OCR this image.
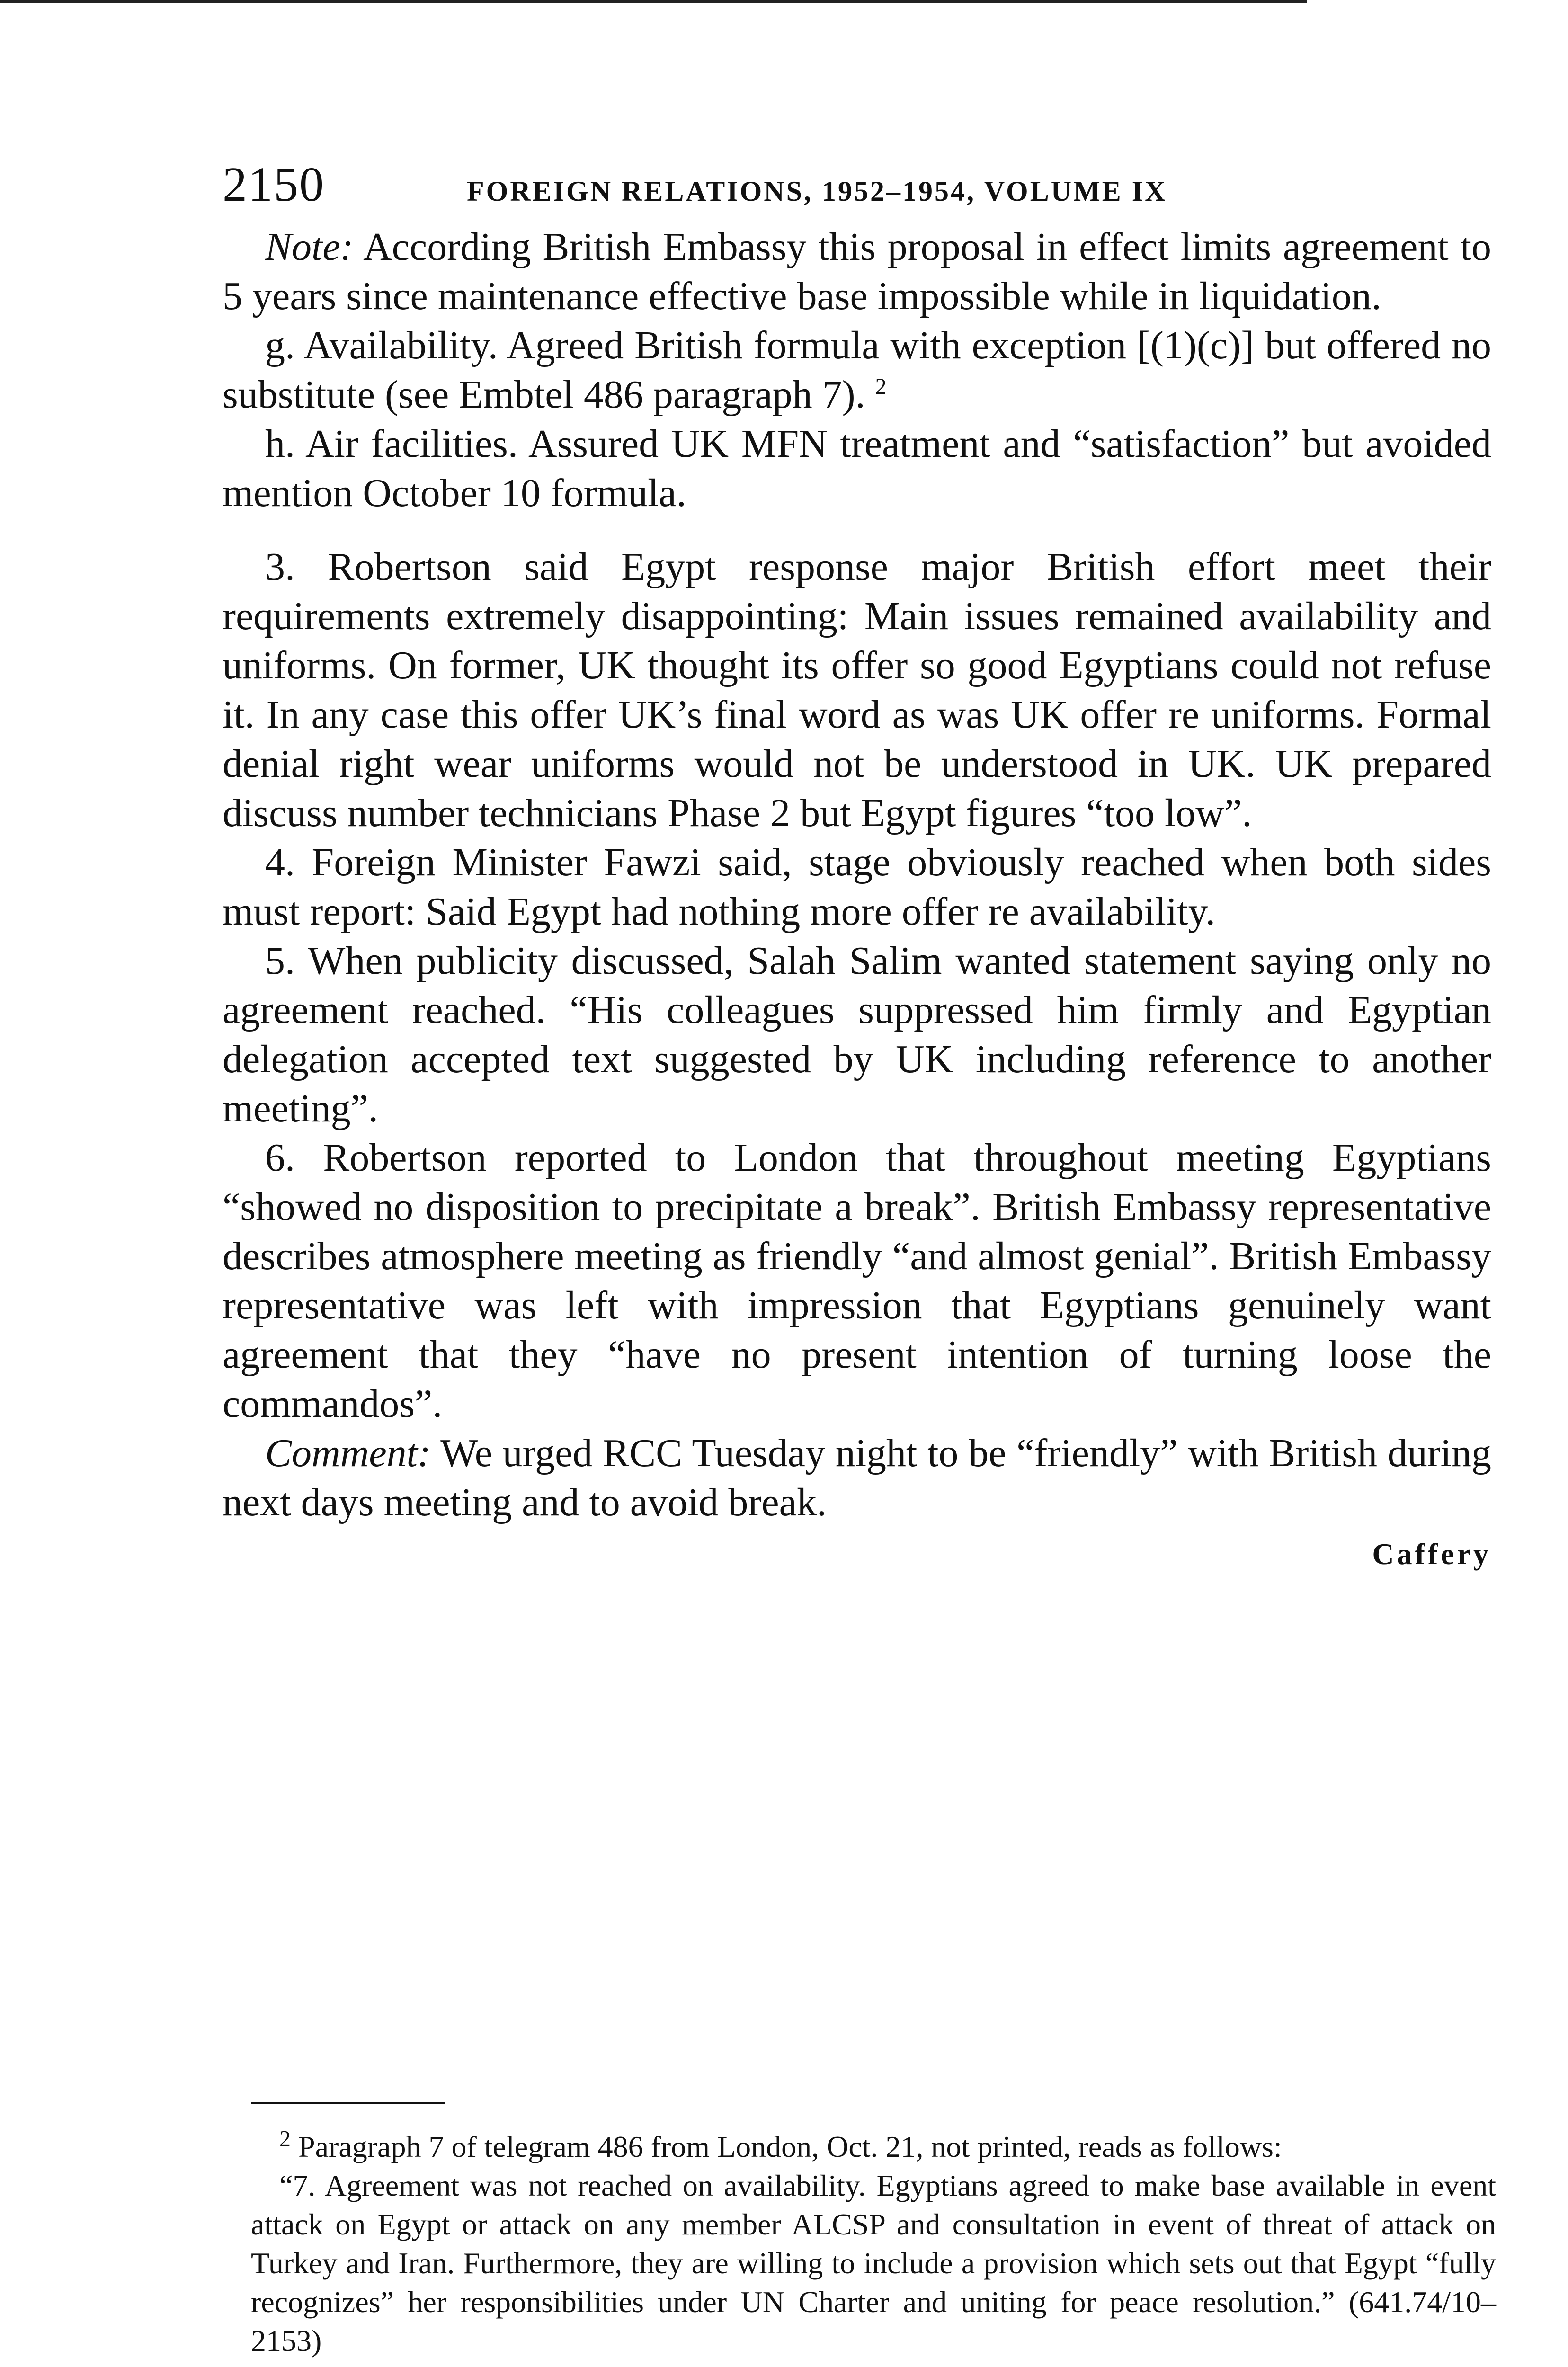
2150	FOREIGN RELATIONS, 1952–1954, VOLUME IX

Note: According British Embassy this proposal in effect limits agreement to 5 years since maintenance effective base impossible while in liquidation.

g. Availability. Agreed British formula with exception [(1)(c)] but offered no substitute (see Embtel 486 paragraph 7). $^2$

h. Air facilities. Assured UK MFN treatment and “satisfaction” but avoided mention October 10 formula.

3. Robertson said Egypt response major British effort meet their requirements extremely disappointing: Main issues remained availability and uniforms. On former, UK thought its offer so good Egyptians could not refuse it. In any case this offer UK’s final word as was UK offer re uniforms. Formal denial right wear uniforms would not be understood in UK. UK prepared discuss number technicians Phase 2 but Egypt figures “too low”.

4. Foreign Minister Fawzi said, stage obviously reached when both sides must report: Said Egypt had nothing more offer re availability.

5. When publicity discussed, Salah Salim wanted statement saying only no agreement reached. “His colleagues suppressed him firmly and Egyptian delegation accepted text suggested by UK including reference to another meeting”.

6. Robertson reported to London that throughout meeting Egyptians “showed no disposition to precipitate a break”. British Embassy representative describes atmosphere meeting as friendly “and almost genial”. British Embassy representative was left with impression that Egyptians genuinely want agreement that they “have no present intention of turning loose the commandos”.

Comment: We urged RCC Tuesday night to be “friendly” with British during next days meeting and to avoid break.

Caffery

$^2$ Paragraph 7 of telegram 486 from London, Oct. 21, not printed, reads as follows:

“7. Agreement was not reached on availability. Egyptians agreed to make base available in event attack on Egypt or attack on any member ALCSP and consultation in event of threat of attack on Turkey and Iran. Furthermore, they are willing to include a provision which sets out that Egypt “fully recognizes” her responsibilities under UN Charter and uniting for peace resolution.” (641.74/10–2153)
